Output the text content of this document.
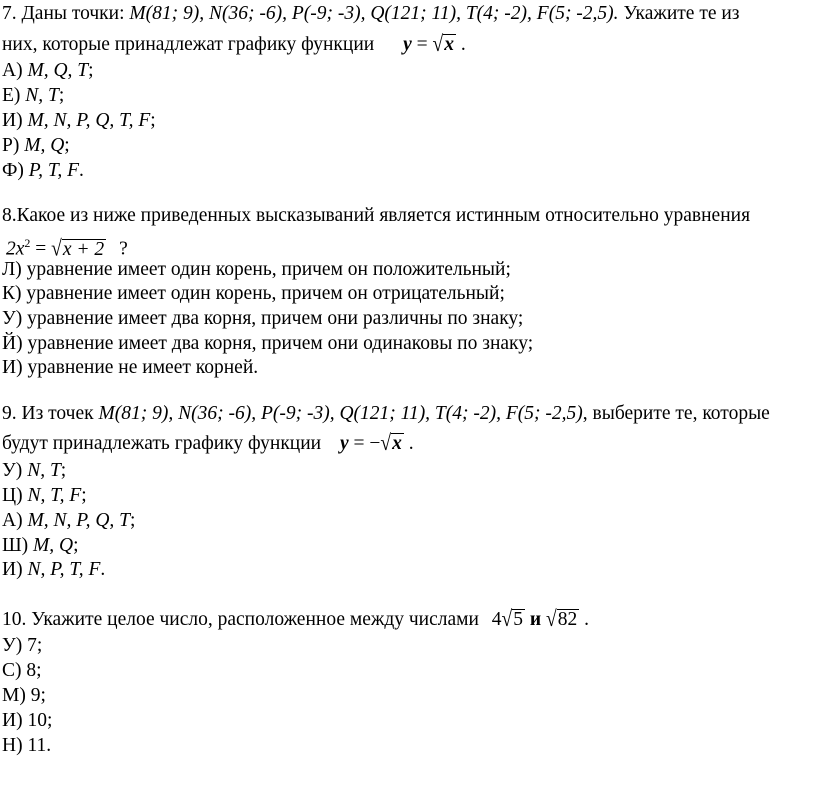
7. Даны точки: M(81; 9), N(36; -6), P(-9; -3), Q(121; 11), T(4; -2), F(5; -2,5). Укажите те из
них, которые принадлежат графику функции y = √x .
А) M, Q, T;
Е) N, T;
И) M, N, P, Q, T, F;
Р) M, Q;
Ф) P, T, F.
8.Какое из ниже приведенных высказываний является истинным относительно уравнения
$2x^2 = √x + 2$ ?
Л) уравнение имеет один корень, причем он положительный;
К) уравнение имеет один корень, причем он отрицательный;
У) уравнение имеет два корня, причем они различны по знаку;
Й) уравнение имеет два корня, причем они одинаковы по знаку;
И) уравнение не имеет корней.
9. Из точек M(81; 9), N(36; -6), P(-9; -3), Q(121; 11), T(4; -2), F(5; -2,5), выберите те, которые
будут принадлежать графику функции y = −√x .
У) N, T;
Ц) N, T, F;
А) M, N, P, Q, T;
Ш) M, Q;
И) N, P, T, F.
10. Укажите целое число, расположенное между числами 4√5 и √82 .
У) 7;
С) 8;
М) 9;
И) 10;
Н) 11.
